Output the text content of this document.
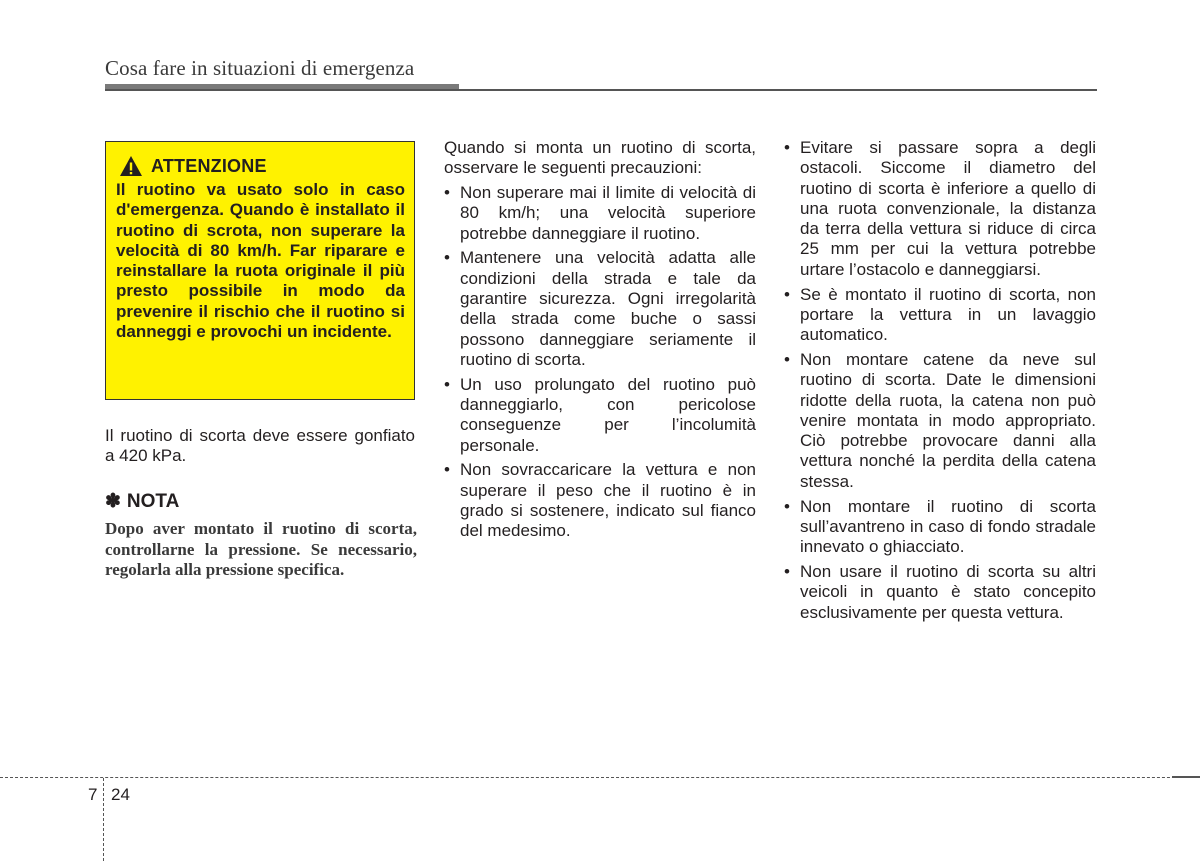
Cosa fare in situazioni di emergenza
ATTENZIONE
Il ruotino va usato solo in caso d'emergenza. Quando è installato il ruotino di scrota, non superare la velocità di 80 km/h. Far riparare e reinstallare la ruota originale il più presto possibile in modo da prevenire il rischio che il ruotino si danneggi e provochi un incidente.

Il ruotino di scorta deve essere gonfiato a 420 kPa.

✽ NOTA
Dopo aver montato il ruotino di scorta, controllarne la pressione. Se necessario, regolarla alla pressione specifica.

Quando si monta un ruotino di scorta, osservare le seguenti precauzioni:

• Non superare mai il limite di velocità di 80 km/h; una velocità superiore potrebbe danneggiare il ruotino.
• Mantenere una velocità adatta alle condizioni della strada e tale da garantire sicurezza. Ogni irregolarità della strada come buche o sassi possono danneggiare seriamente il ruotino di scorta.
• Un uso prolungato del ruotino può danneggiarlo, con pericolose conseguenze per l’incolumità personale.
• Non sovraccaricare la vettura e non superare il peso che il ruotino è in grado si sostenere, indicato sul fianco del medesimo.
• Evitare si passare sopra a degli ostacoli. Siccome il diametro del ruotino di scorta è inferiore a quello di una ruota convenzionale, la distanza da terra della vettura si riduce di circa 25 mm per cui la vettura potrebbe urtare l’ostacolo e danneggiarsi.
• Se è montato il ruotino di scorta, non portare la vettura in un lavaggio automatico.
• Non montare catene da neve sul ruotino di scorta. Date le dimensioni ridotte della ruota, la catena non può venire montata in modo appropriato. Ciò potrebbe provocare danni alla vettura nonché la perdita della catena stessa.
• Non montare il ruotino di scorta sull’avantreno in caso di fondo stradale innevato o ghiacciato.
• Non usare il ruotino di scorta su altri veicoli in quanto è stato concepito esclusivamente per questa vettura.
7 24
